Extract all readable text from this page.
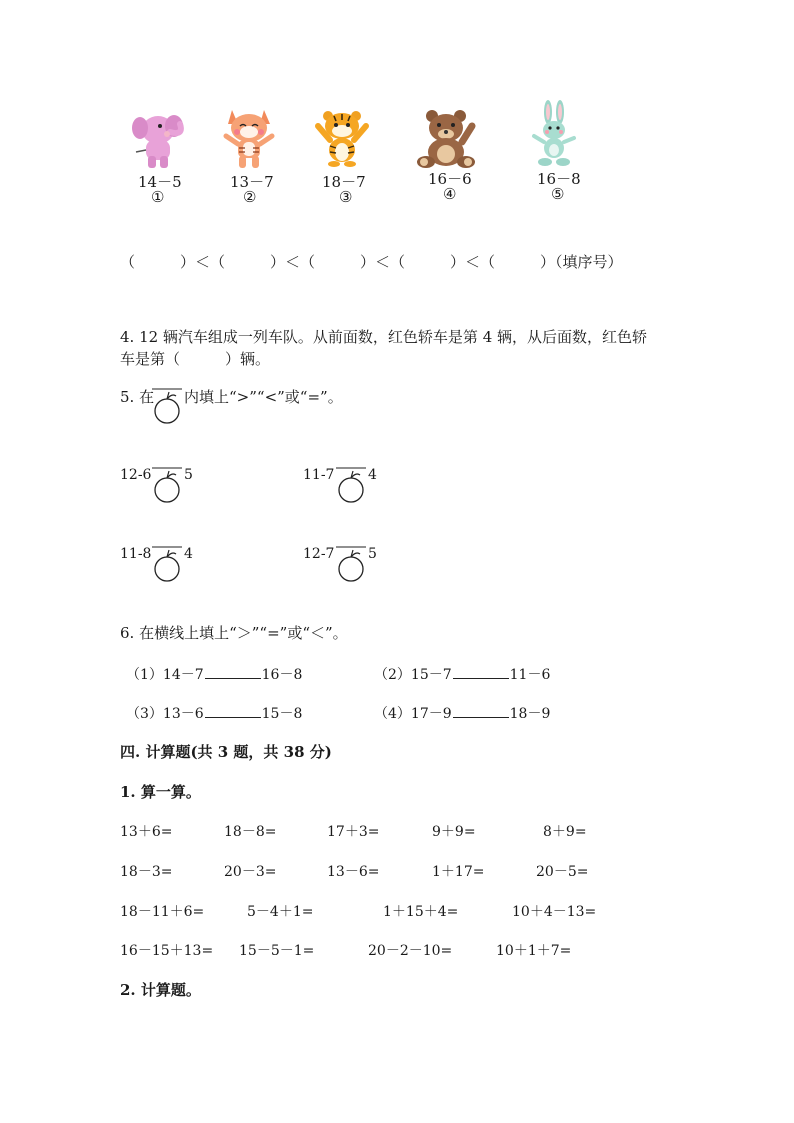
14－5
①
13－7
②
18－7
③
16－6
④
16－8
⑤
（　　　）＜（　　　）＜（　　　）＜（　　　）＜（　　　）（填序号）
4. 12 辆汽车组成一列车队。从前面数，红色轿车是第 4 辆，从后面数，红色轿
车是第（　　　）辆。
5. 在 内填上“>”“<”或“=”。
12-6 5	11-7 4
11-8 4	12-7 5
6. 在横线上填上“＞”“=”或“＜”。
（1）14－7	16－8	（2）15－7	11－6
（3）13－6	15－8	（4）17－9	18－9
四. 计算题(共 3 题，共 38 分)
1. 算一算。
13＋6=	18－8=	17＋3=	9＋9=	8＋9=
18－3=	20－3=	13－6=	1＋17=	20－5=
18－11＋6=	5－4＋1=	1＋15＋4=	10＋4－13=
16－15＋13= 15－5－1=	20－2－10=	10＋1＋7=
2. 计算题。
